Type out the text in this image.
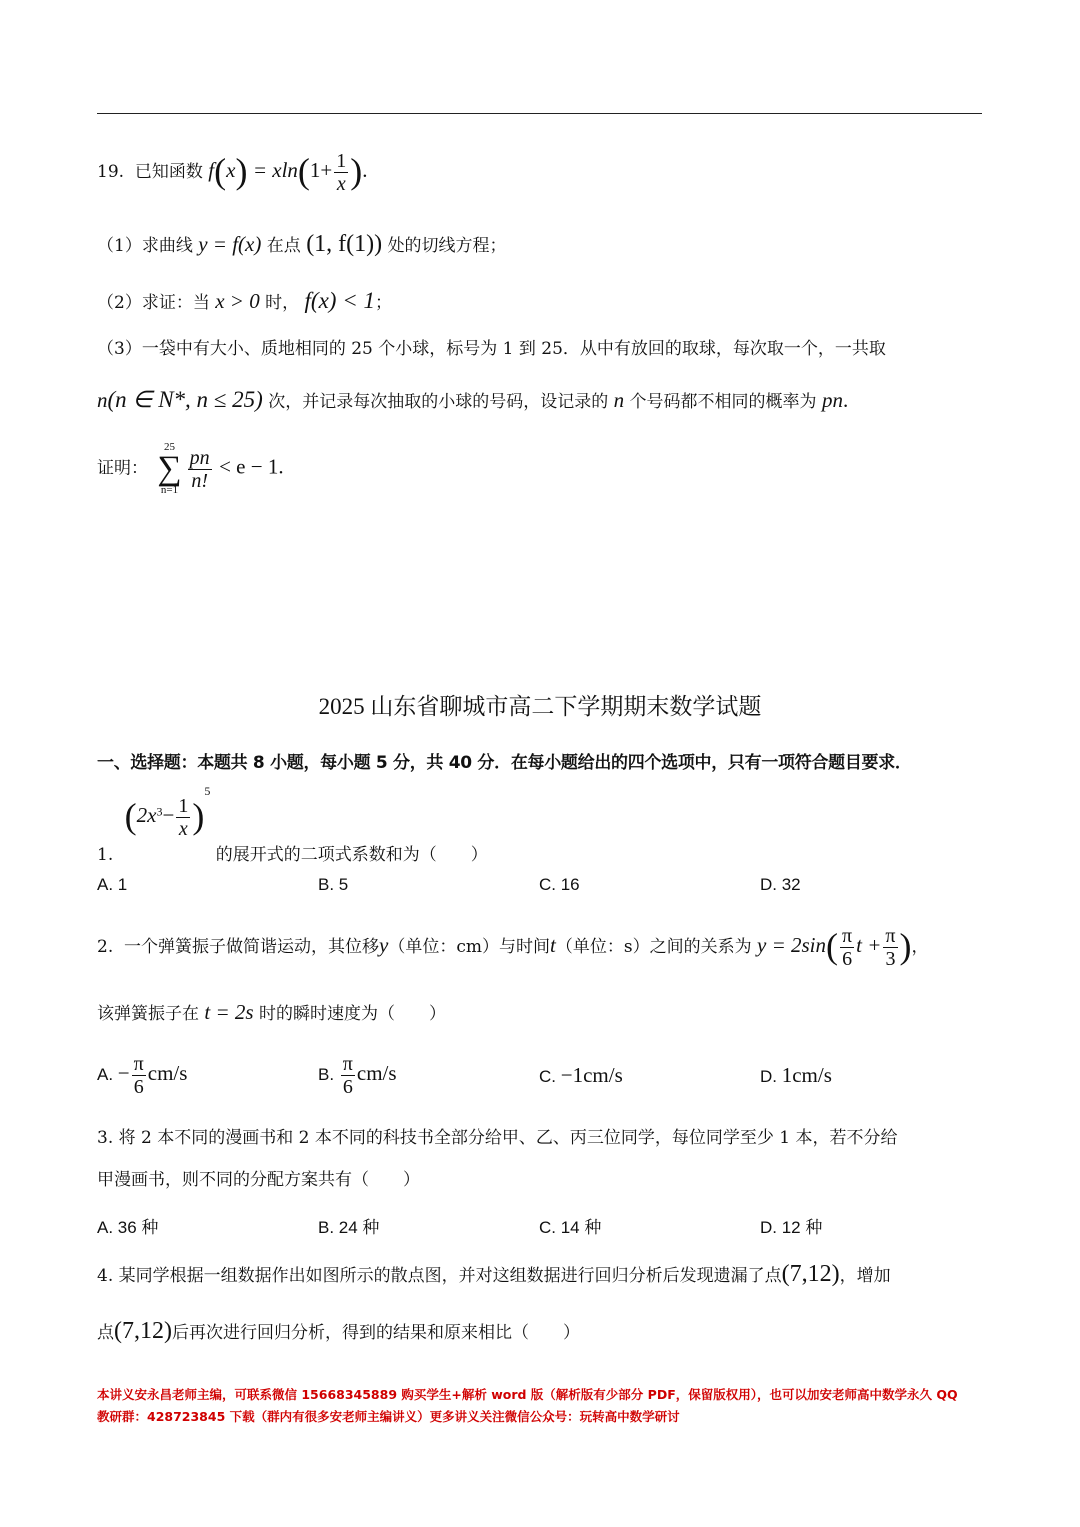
19. 已知函数 $f(x) = xln(1+ \frac{1}{x}$ ).
（1）求曲线 y = f(x) 在点 (1, f(1)) 处的切线方程；
（2）求证：当 x > 0 时， f(x) < 1；
（3）一袋中有大小、质地相同的 25 个小球，标号为 1 到 25．从中有放回的取球，每次取一个，一共取
n(n ∈ N*, n ≤ 25) 次，并记录每次抽取的小球的号码，设记录的 n 个号码都不相同的概率为 pn.
证明：
25
∑
$n=1 \frac{pn}{n!} < e - 1$.
2025 山东省聊城市高二下学期期末数学试题
一、选择题：本题共 8 小题，每小题 5 分，共 40 分．在每小题给出的四个选项中，只有一项符合题目要求．
1. $(2x^3- \frac{1}{x} )^5$ 的展开式的二项式系数和为（　　）
A. 1	B. 5	C. 16	D. 32
2. 一个弹簧振子做简谐运动，其位移y（单位：cm）与时间t（单位：s）之间的关系为 $y = 2\sin( \frac{\pi}{6}$ $t + \frac{\pi}{3}$ )，
该弹簧振子在 t = 2s 时的瞬时速度为（　　）
A. − $\frac{\pi}{6} cm/s$	B. $\frac{\pi}{6} cm/s$	C. −1cm/s	D. 1cm/s
3. 将 2 本不同的漫画书和 2 本不同的科技书全部分给甲、乙、丙三位同学，每位同学至少 1 本，若不分给
甲漫画书，则不同的分配方案共有（　　）
A. 36 种	B. 24 种	C. 14 种	D. 12 种
4. 某同学根据一组数据作出如图所示的散点图，并对这组数据进行回归分析后发现遗漏了点(7,12)，增加
点(7,12)后再次进行回归分析，得到的结果和原来相比（　　）
本讲义安永昌老师主编，可联系微信 15668345889 购买学生+解析 word 版（解析版有少部分 PDF，保留版权用），也可以加安老师高中数学永久 QQ
教研群：428723845 下载（群内有很多安老师主编讲义）更多讲义关注微信公众号：玩转高中数学研讨
